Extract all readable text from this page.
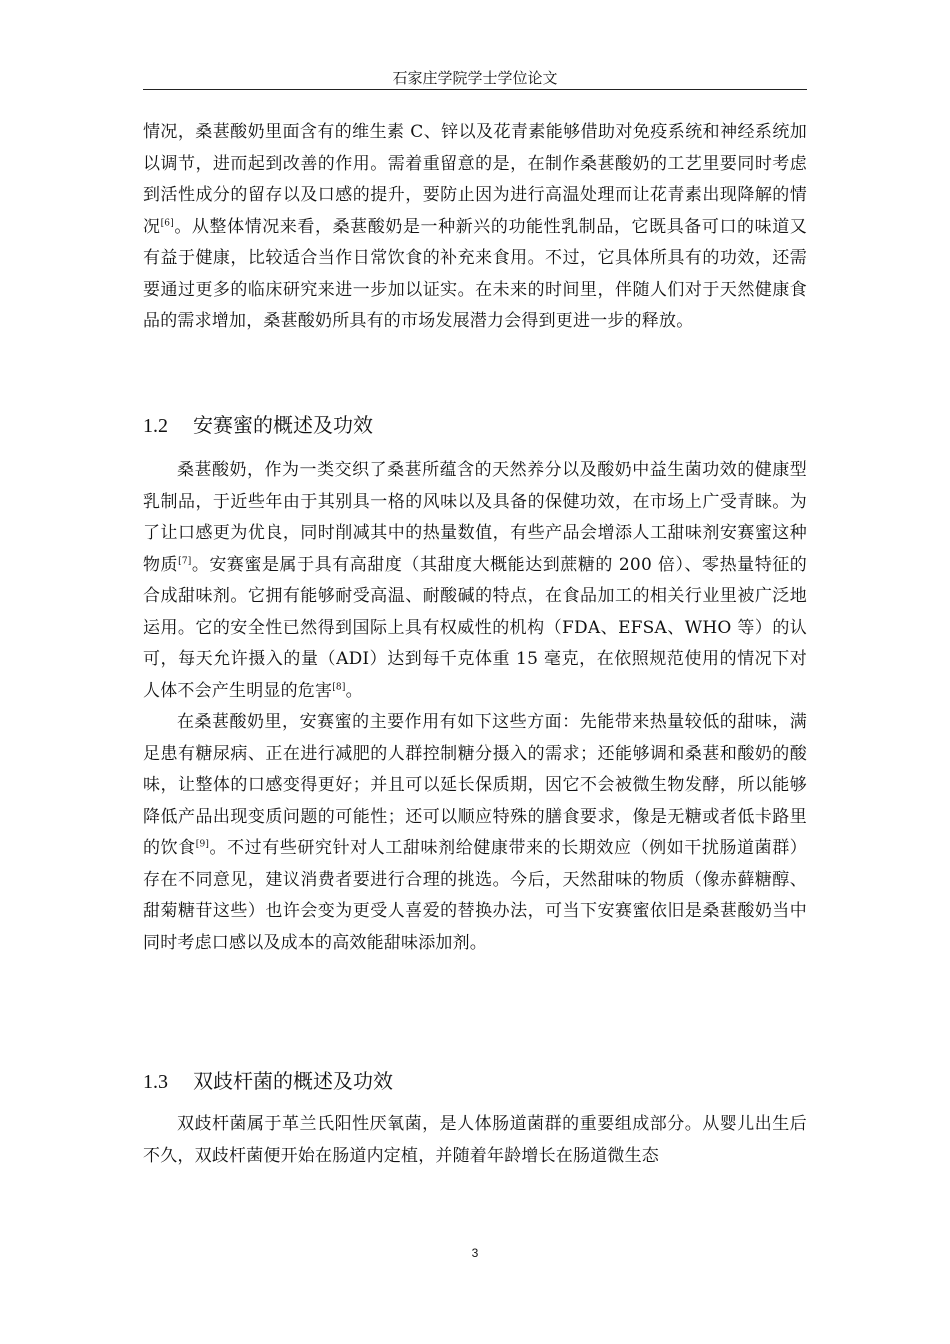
石家庄学院学士学位论文

情况，桑葚酸奶里面含有的维生素 C、锌以及花青素能够借助对免疫系统和神经系统加以调节，进而起到改善的作用。需着重留意的是，在制作桑葚酸奶的工艺里要同时考虑到活性成分的留存以及口感的提升，要防止因为进行高温处理而让花青素出现降解的情况[6]。从整体情况来看，桑葚酸奶是一种新兴的功能性乳制品，它既具备可口的味道又有益于健康，比较适合当作日常饮食的补充来食用。不过，它具体所具有的功效，还需要通过更多的临床研究来进一步加以证实。在未来的时间里，伴随人们对于天然健康食品的需求增加，桑葚酸奶所具有的市场发展潜力会得到更进一步的释放。

1.2 安赛蜜的概述及功效

桑葚酸奶，作为一类交织了桑葚所蕴含的天然养分以及酸奶中益生菌功效的健康型乳制品，于近些年由于其别具一格的风味以及具备的保健功效，在市场上广受青睐。为了让口感更为优良，同时削减其中的热量数值，有些产品会增添人工甜味剂安赛蜜这种物质[7]。安赛蜜是属于具有高甜度（其甜度大概能达到蔗糖的 200 倍）、零热量特征的合成甜味剂。它拥有能够耐受高温、耐酸碱的特点，在食品加工的相关行业里被广泛地运用。它的安全性已然得到国际上具有权威性的机构（FDA、EFSA、WHO 等）的认可，每天允许摄入的量（ADI）达到每千克体重 15 毫克，在依照规范使用的情况下对人体不会产生明显的危害[8]。

在桑葚酸奶里，安赛蜜的主要作用有如下这些方面：先能带来热量较低的甜味，满足患有糖尿病、正在进行减肥的人群控制糖分摄入的需求；还能够调和桑葚和酸奶的酸味，让整体的口感变得更好；并且可以延长保质期，因它不会被微生物发酵，所以能够降低产品出现变质问题的可能性；还可以顺应特殊的膳食要求，像是无糖或者低卡路里的饮食[9]。不过有些研究针对人工甜味剂给健康带来的长期效应（例如干扰肠道菌群）存在不同意见，建议消费者要进行合理的挑选。今后，天然甜味的物质（像赤藓糖醇、甜菊糖苷这些）也许会变为更受人喜爱的替换办法，可当下安赛蜜依旧是桑葚酸奶当中同时考虑口感以及成本的高效能甜味添加剂。

1.3 双歧杆菌的概述及功效

双歧杆菌属于革兰氏阳性厌氧菌，是人体肠道菌群的重要组成部分。从婴儿出生后不久，双歧杆菌便开始在肠道内定植，并随着年龄增长在肠道微生态

3
